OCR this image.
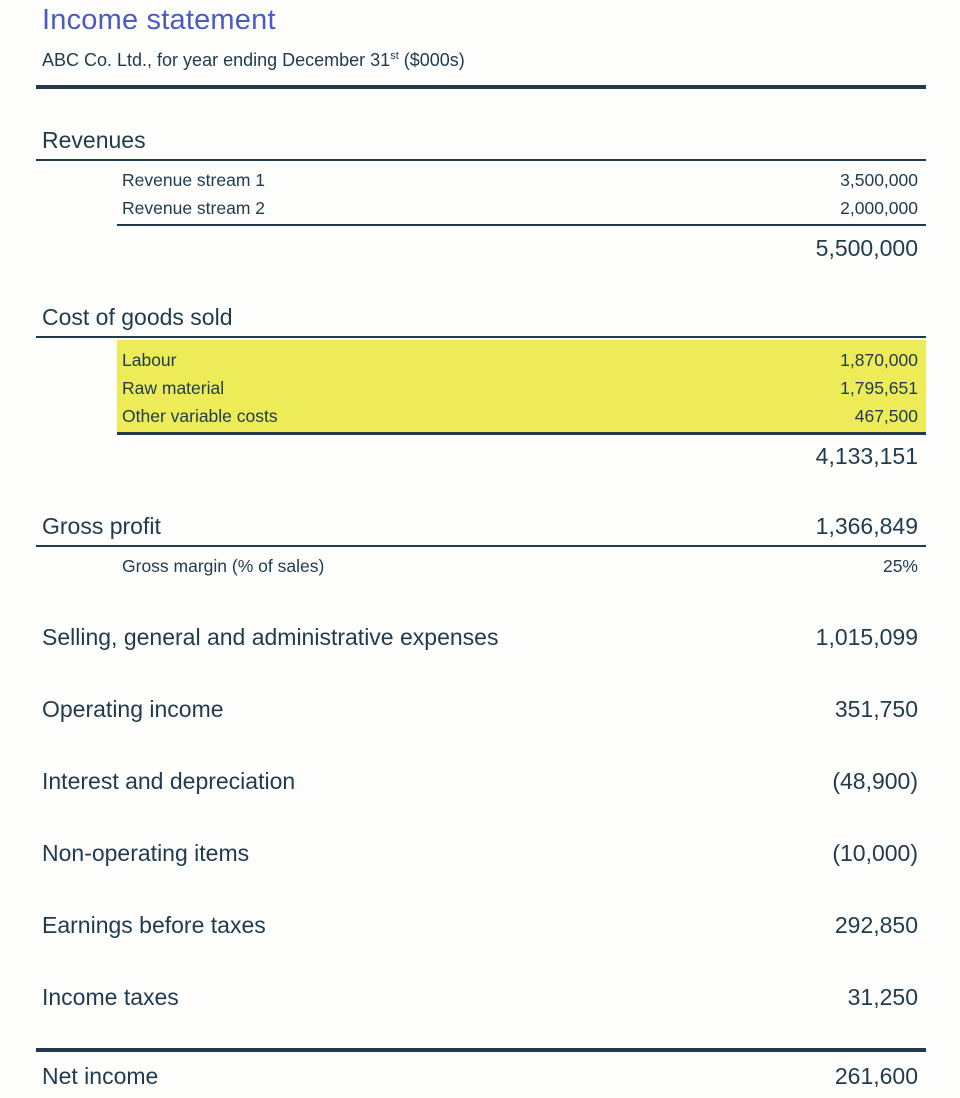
Income statement
ABC Co. Ltd., for year ending December 31st ($000s)
Revenues
Revenue stream 1	3,500,000
Revenue stream 2	2,000,000
5,500,000
Cost of goods sold
Labour	1,870,000
Raw material	1,795,651
Other variable costs	467,500
4,133,151
Gross profit	1,366,849
Gross margin (% of sales)	25%
Selling, general and administrative expenses	1,015,099
Operating income	351,750
Interest and depreciation	(48,900)
Non-operating items	(10,000)
Earnings before taxes	292,850
Income taxes	31,250
Net income	261,600
